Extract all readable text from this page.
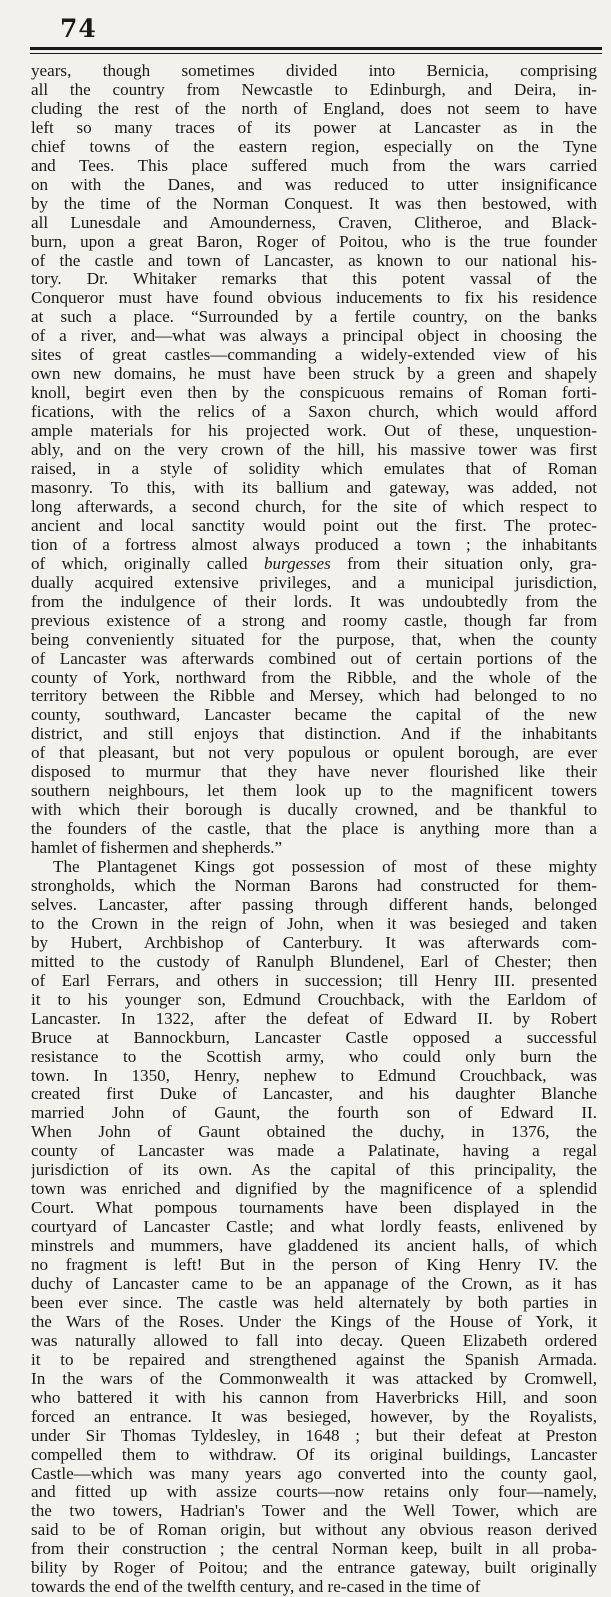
74
years, though sometimes divided into Bernicia, comprising
all the country from Newcastle to Edinburgh, and Deira, in-
cluding the rest of the north of England, does not seem to have
left so many traces of its power at Lancaster as in the
chief towns of the eastern region, especially on the Tyne
and Tees. This place suffered much from the wars carried
on with the Danes, and was reduced to utter insignificance
by the time of the Norman Conquest. It was then bestowed, with
all Lunesdale and Amounderness, Craven, Clitheroe, and Black-
burn, upon a great Baron, Roger of Poitou, who is the true founder
of the castle and town of Lancaster, as known to our national his-
tory. Dr. Whitaker remarks that this potent vassal of the
Conqueror must have found obvious inducements to fix his residence
at such a place. “Surrounded by a fertile country, on the banks
of a river, and—what was always a principal object in choosing the
sites of great castles—commanding a widely-extended view of his
own new domains, he must have been struck by a green and shapely
knoll, begirt even then by the conspicuous remains of Roman forti-
fications, with the relics of a Saxon church, which would afford
ample materials for his projected work. Out of these, unquestion-
ably, and on the very crown of the hill, his massive tower was first
raised, in a style of solidity which emulates that of Roman
masonry. To this, with its ballium and gateway, was added, not
long afterwards, a second church, for the site of which respect to
ancient and local sanctity would point out the first. The protec-
tion of a fortress almost always produced a town ; the inhabitants
of which, originally called burgesses from their situation only, gra-
dually acquired extensive privileges, and a municipal jurisdiction,
from the indulgence of their lords. It was undoubtedly from the
previous existence of a strong and roomy castle, though far from
being conveniently situated for the purpose, that, when the county
of Lancaster was afterwards combined out of certain portions of the
county of York, northward from the Ribble, and the whole of the
territory between the Ribble and Mersey, which had belonged to no
county, southward, Lancaster became the capital of the new
district, and still enjoys that distinction. And if the inhabitants
of that pleasant, but not very populous or opulent borough, are ever
disposed to murmur that they have never flourished like their
southern neighbours, let them look up to the magnificent towers
with which their borough is ducally crowned, and be thankful to
the founders of the castle, that the place is anything more than a
hamlet of fishermen and shepherds.”
The Plantagenet Kings got possession of most of these mighty
strongholds, which the Norman Barons had constructed for them-
selves. Lancaster, after passing through different hands, belonged
to the Crown in the reign of John, when it was besieged and taken
by Hubert, Archbishop of Canterbury. It was afterwards com-
mitted to the custody of Ranulph Blundenel, Earl of Chester; then
of Earl Ferrars, and others in succession; till Henry III. presented
it to his younger son, Edmund Crouchback, with the Earldom of
Lancaster. In 1322, after the defeat of Edward II. by Robert
Bruce at Bannockburn, Lancaster Castle opposed a successful
resistance to the Scottish army, who could only burn the
town. In 1350, Henry, nephew to Edmund Crouchback, was
created first Duke of Lancaster, and his daughter Blanche
married John of Gaunt, the fourth son of Edward II.
When John of Gaunt obtained the duchy, in 1376, the
county of Lancaster was made a Palatinate, having a regal
jurisdiction of its own. As the capital of this principality, the
town was enriched and dignified by the magnificence of a splendid
Court. What pompous tournaments have been displayed in the
courtyard of Lancaster Castle; and what lordly feasts, enlivened by
minstrels and mummers, have gladdened its ancient halls, of which
no fragment is left! But in the person of King Henry IV. the
duchy of Lancaster came to be an appanage of the Crown, as it has
been ever since. The castle was held alternately by both parties in
the Wars of the Roses. Under the Kings of the House of York, it
was naturally allowed to fall into decay. Queen Elizabeth ordered
it to be repaired and strengthened against the Spanish Armada.
In the wars of the Commonwealth it was attacked by Cromwell,
who battered it with his cannon from Haverbricks Hill, and soon
forced an entrance. It was besieged, however, by the Royalists,
under Sir Thomas Tyldesley, in 1648 ; but their defeat at Preston
compelled them to withdraw. Of its original buildings, Lancaster
Castle—which was many years ago converted into the county gaol,
and fitted up with assize courts—now retains only four—namely,
the two towers, Hadrian's Tower and the Well Tower, which are
said to be of Roman origin, but without any obvious reason derived
from their construction ; the central Norman keep, built in all proba-
bility by Roger of Poitou; and the entrance gateway, built originally
towards the end of the twelfth century, and re-cased in the time of
